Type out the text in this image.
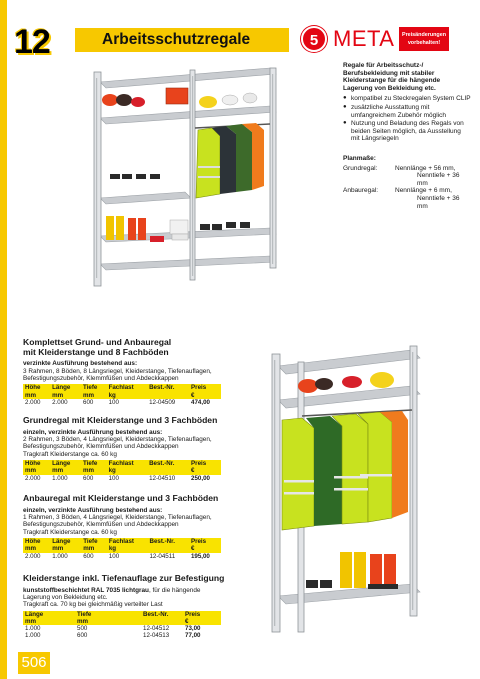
12	Arbeitsschutzregale	5 META	Preisänderungen vorbehalten!

Regale für Arbeitsschutz-/ Berufsbekleidung mit stabiler Kleiderstange für die hängende Lagerung von Bekleidung etc.

● kompatibel zu Steckregalen System CLIP
● zusätzliche Ausstattung mit umfangreichem Zubehör möglich
● Nutzung und Beladung des Regals von beiden Seiten möglich, da Ausstellung mit Längsriegeln

Planmaße:

Grundregal:	Nennlänge + 56 mm,
Nenntiefe + 36 mm
Anbauregal:	Nennlänge + 6 mm,
Nenntiefe + 36 mm
Komplettset Grund- und Anbauregal
mit Kleiderstange und 8 Fachböden
verzinkte Ausführung bestehend aus:
3 Rahmen, 8 Böden, 8 Längsriegel, Kleiderstange, Tiefenauflagen,
Befestigungszubehör, Klemmfüßen und Abdeckkappen
Höhe	Länge	Tiefe	Fachlast	Best.-Nr.	Preis
mm	mm	mm	kg		€
2.000	2.000	600	100	12-04509	474,00
Grundregal mit Kleiderstange und 3 Fachböden
einzeln, verzinkte Ausführung bestehend aus:
2 Rahmen, 3 Böden, 4 Längsriegel, Kleiderstange, Tiefenauflagen,
Befestigungszubehör, Klemmfüßen und Abdeckkappen
Tragkraft Kleiderstange ca. 60 kg
Höhe	Länge	Tiefe	Fachlast	Best.-Nr.	Preis
mm	mm	mm	kg		€
2.000	1.000	600	100	12-04510	250,00
Anbauregal mit Kleiderstange und 3 Fachböden
einzeln, verzinkte Ausführung bestehend aus:
1 Rahmen, 3 Böden, 4 Längsriegel, Kleiderstange, Tiefenauflagen,
Befestigungszubehör, Klemmfüßen und Abdeckkappen
Tragkraft Kleiderstange ca. 60 kg
Höhe	Länge	Tiefe	Fachlast	Best.-Nr.	Preis
mm	mm	mm	kg		€
2.000	1.000	600	100	12-04511	195,00
Kleiderstange inkl. Tiefenauflage zur Befestigung
kunststoffbeschichtet RAL 7035 lichtgrau, für die hängende
Lagerung von Bekleidung etc.
Tragkraft ca. 70 kg bei gleichmäßig verteilter Last
Länge	Tiefe	Best.-Nr.	Preis
mm	mm		€
1.000	500	12-04512	73,00
1.000	600	12-04513	77,00
506
